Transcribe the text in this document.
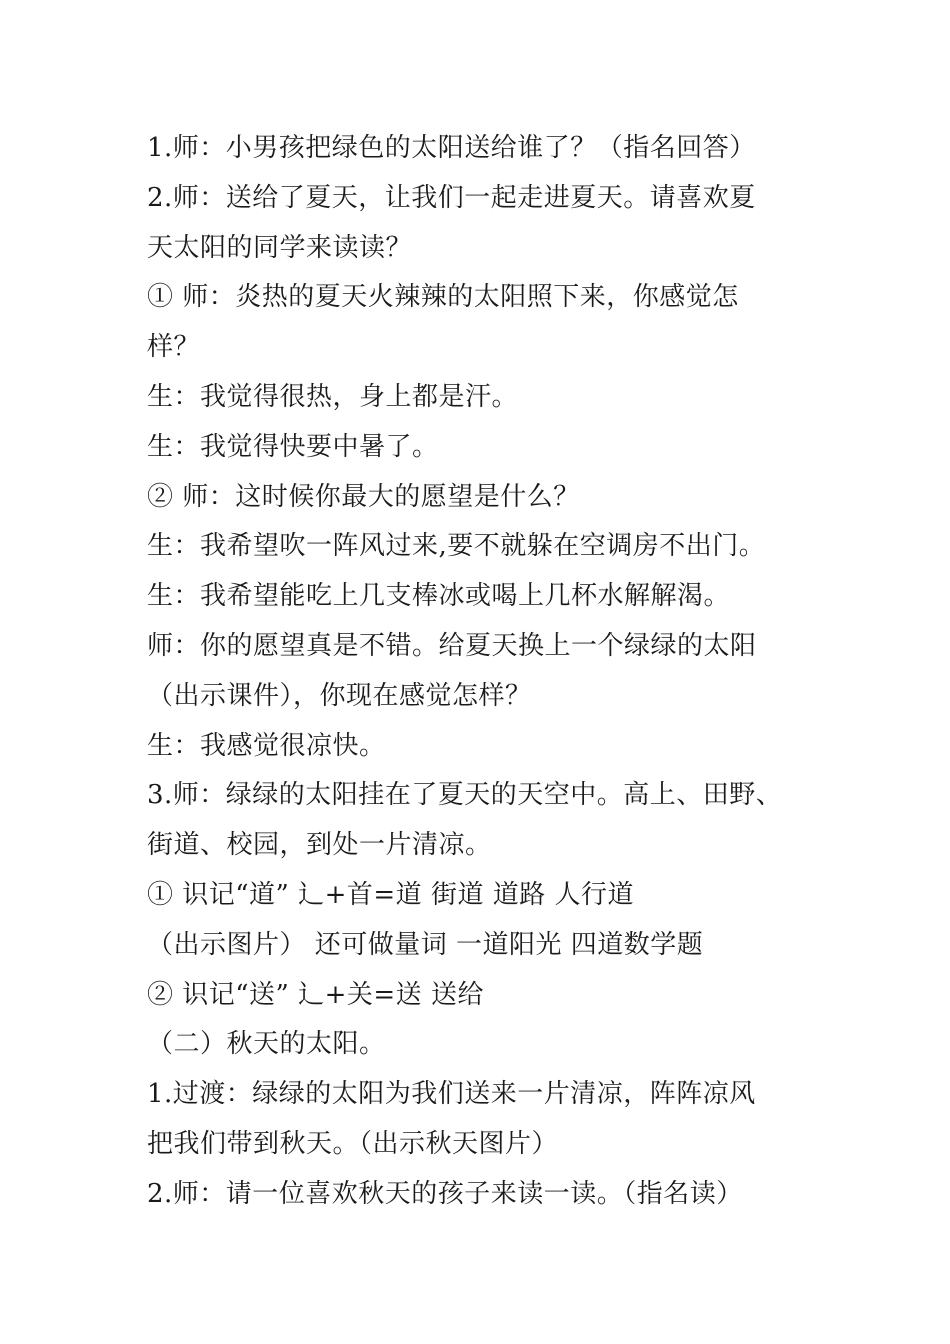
1.师：小男孩把绿色的太阳送给谁了？（指名回答）
2.师：送给了夏天，让我们一起走进夏天。请喜欢夏
天太阳的同学来读读？
① 师：炎热的夏天火辣辣的太阳照下来，你感觉怎
样？
生：我觉得很热，身上都是汗。
生：我觉得快要中暑了。
② 师：这时候你最大的愿望是什么？
生：我希望吹一阵风过来,要不就躲在空调房不出门。
生：我希望能吃上几支棒冰或喝上几杯水解解渴。
师：你的愿望真是不错。给夏天换上一个绿绿的太阳
（出示课件），你现在感觉怎样？
生：我感觉很凉快。
3.师：绿绿的太阳挂在了夏天的天空中。高上、田野、
街道、校园，到处一片清凉。
① 识记“道” 辶+首=道 街道 道路 人行道
（出示图片） 还可做量词 一道阳光 四道数学题
② 识记“送” 辶+关=送 送给
（二）秋天的太阳。
1.过渡：绿绿的太阳为我们送来一片清凉，阵阵凉风
把我们带到秋天。（出示秋天图片）
2.师：请一位喜欢秋天的孩子来读一读。（指名读）
